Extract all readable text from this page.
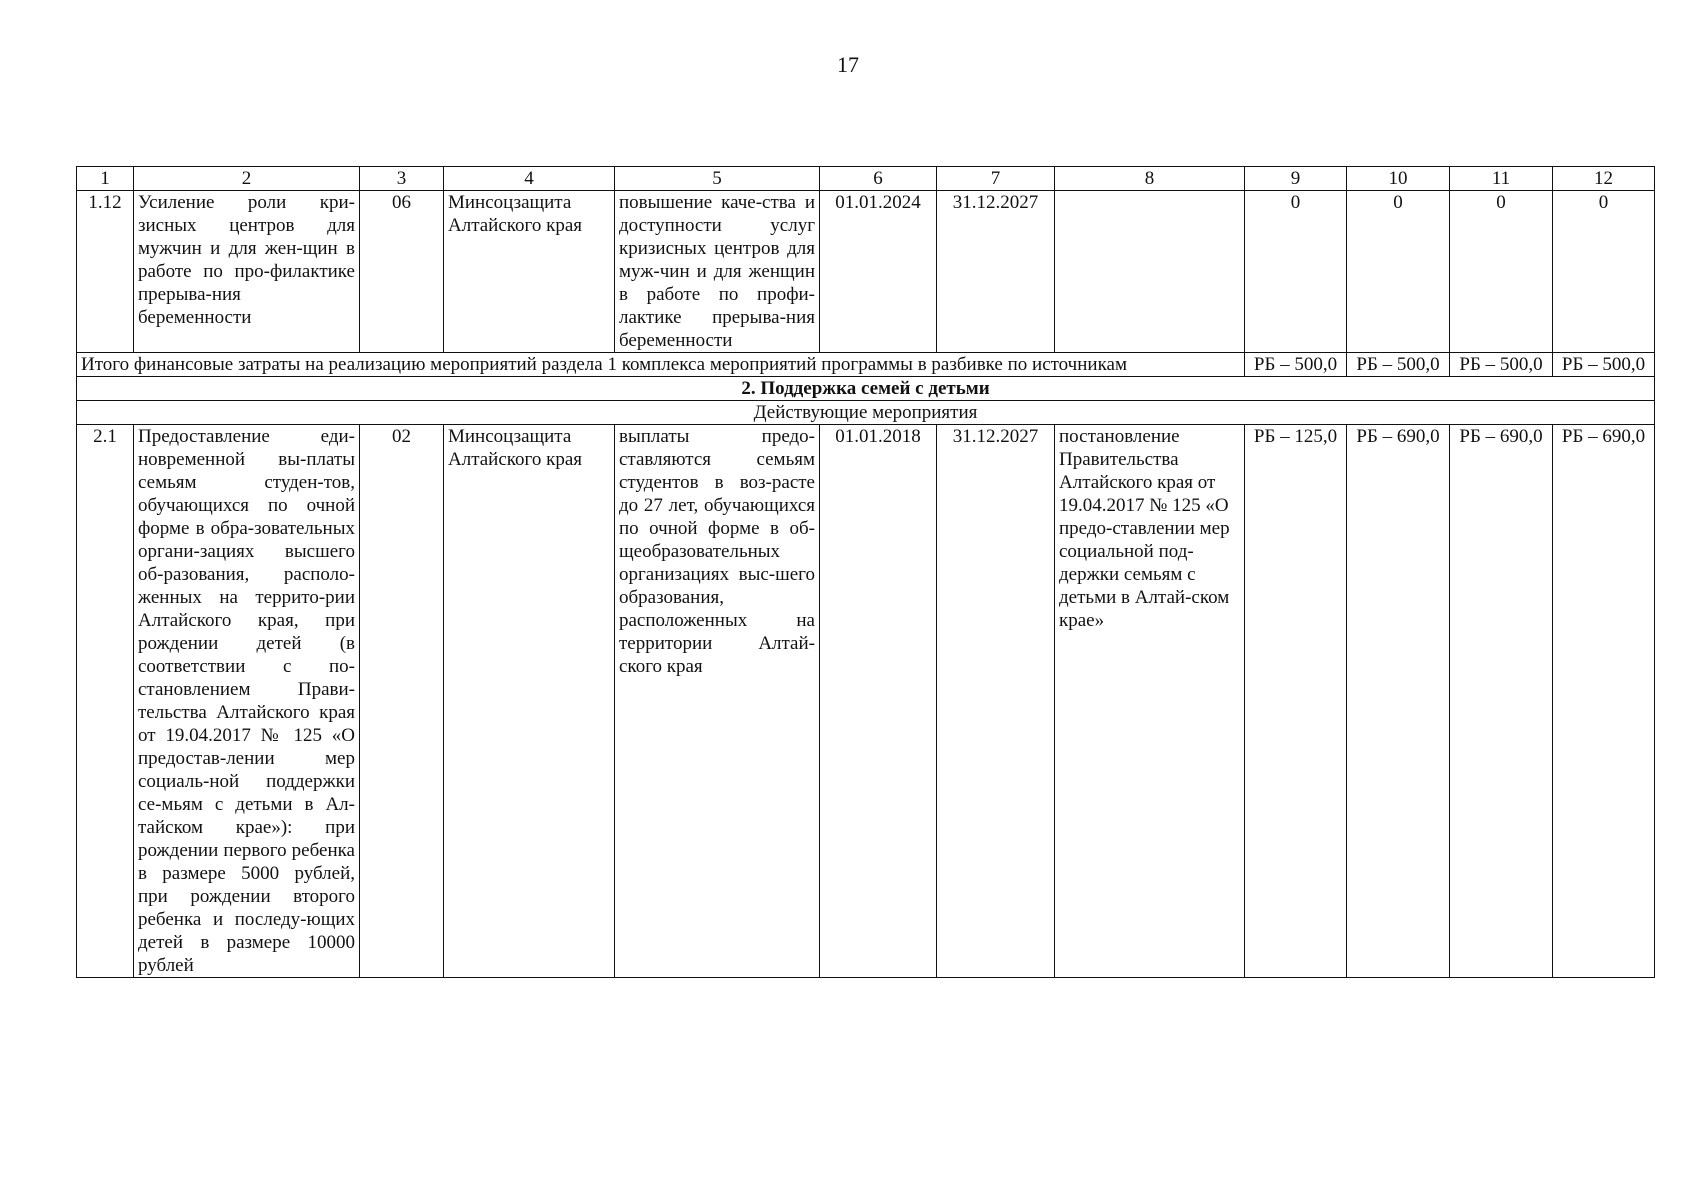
17
1	2	3	4	5	6	7	8	9	10	11	12
1.12	Усиление роли кри-зисных центров для мужчин и для жен-щин в работе по про-филактике прерыва-ния беременности	06	Минсоцзащита Алтайского края	повышение каче-ства и доступности услуг кризисных центров для муж-чин и для женщин в работе по профи-лактике прерыва-ния беременности	01.01.2024	31.12.2027		0	0	0	0
Итого финансовые затраты на реализацию мероприятий раздела 1 комплекса мероприятий программы в разбивке по источникам								РБ – 500,0	РБ – 500,0	РБ – 500,0	РБ – 500,0
2. Поддержка семей с детьми											
Действующие мероприятия											
2.1	Предоставление еди-новременной вы-платы семьям студен-тов, обучающихся по очной форме в обра-зовательных органи-зациях высшего об-разования, располо-женных на террито-рии Алтайского края, при рождении детей (в соответствии с по-становлением Прави-тельства Алтайского края от 19.04.2017 № 125 «О предостав-лении мер социаль-ной поддержки се-мьям с детьми в Ал-тайском крае»): при рождении первого ребенка в размере 5000 рублей, при рождении второго ребенка и последу-ющих детей в размере 10000 рублей	02	Минсоцзащита Алтайского края	выплаты предо-ставляются семьям студентов в воз-расте до 27 лет, обучающихся по очной форме в об-щеобразовательных организациях выс-шего образования, расположенных на территории Алтай-ского края	01.01.2018	31.12.2027	постановление Правительства Алтайского края от 19.04.2017 № 125 «О предо-ставлении мер социальной под-держки семьям с детьми в Алтай-ском крае»	РБ – 125,0	РБ – 690,0	РБ – 690,0	РБ – 690,0
